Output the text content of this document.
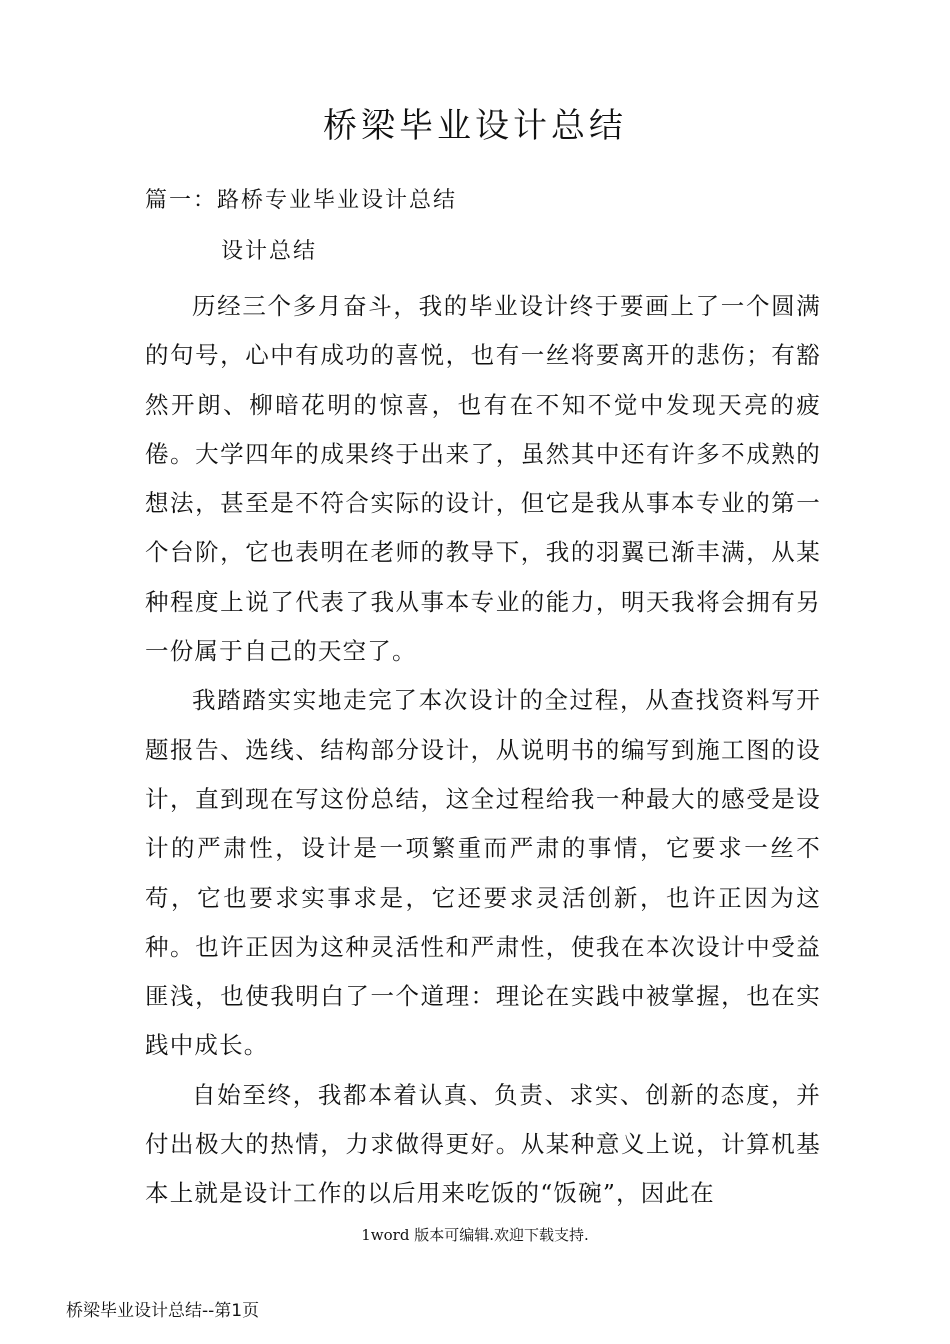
桥梁毕业设计总结
篇一：路桥专业毕业设计总结
设计总结

历经三个多月奋斗，我的毕业设计终于要画上了一个圆满的句号，心中有成功的喜悦，也有一丝将要离开的悲伤；有豁然开朗、柳暗花明的惊喜，也有在不知不觉中发现天亮的疲倦。大学四年的成果终于出来了，虽然其中还有许多不成熟的想法，甚至是不符合实际的设计，但它是我从事本专业的第一个台阶，它也表明在老师的教导下，我的羽翼已渐丰满，从某种程度上说了代表了我从事本专业的能力，明天我将会拥有另一份属于自己的天空了。

我踏踏实实地走完了本次设计的全过程，从查找资料写开题报告、选线、结构部分设计，从说明书的编写到施工图的设计，直到现在写这份总结，这全过程给我一种最大的感受是设计的严肃性，设计是一项繁重而严肃的事情，它要求一丝不苟，它也要求实事求是，它还要求灵活创新，也许正因为这种。也许正因为这种灵活性和严肃性，使我在本次设计中受益匪浅，也使我明白了一个道理：理论在实践中被掌握，也在实践中成长。

自始至终，我都本着认真、负责、求实、创新的态度，并付出极大的热情，力求做得更好。从某种意义上说，计算机基本上就是设计工作的以后用来吃饭的“饭碗”，因此在

1word 版本可编辑.欢迎下载支持.
桥梁毕业设计总结--第1页
